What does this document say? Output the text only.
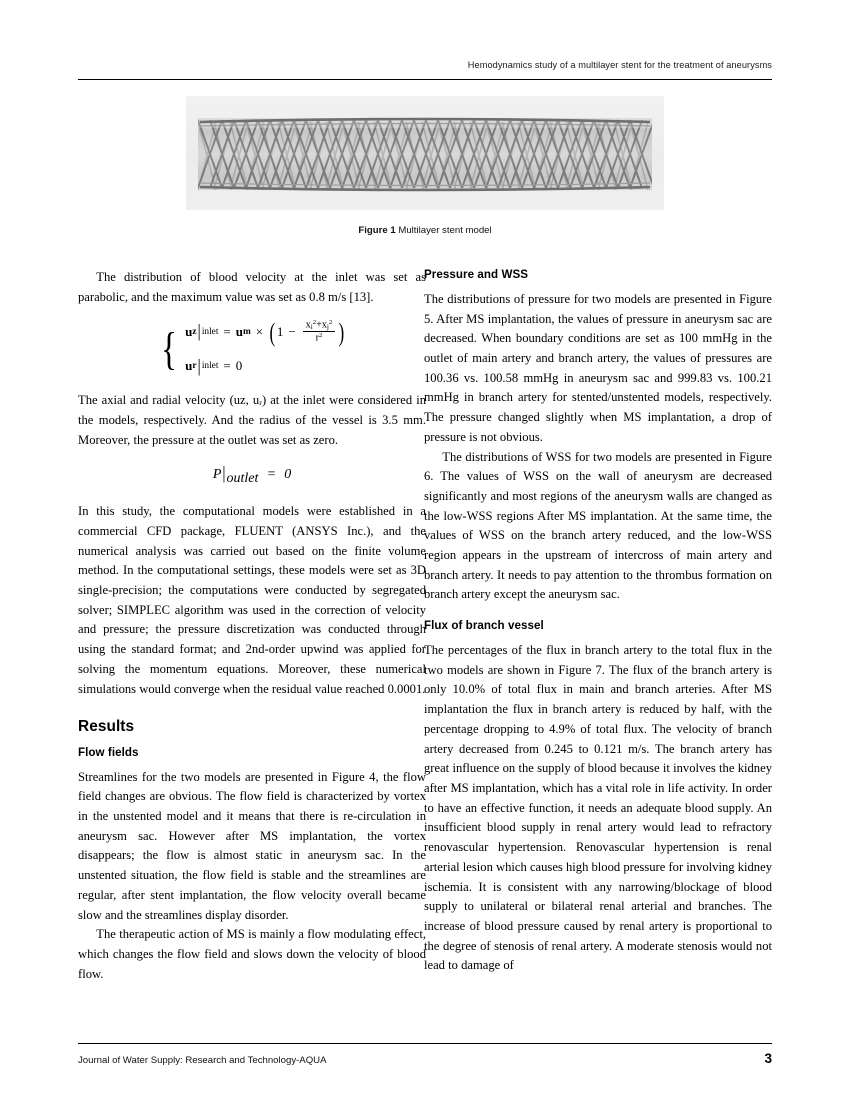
Hemodynamics study of a multilayer stent for the treatment of aneurysms
Figure 1 Multilayer stent model

The distribution of blood velocity at the inlet was set as parabolic, and the maximum value was set as 0.8 m/s [13].

{ u z | inlet = u m × ( $1 - \frac{xi2+xj2}{r2}$ )
u r | inlet = 0

The axial and radial velocity (uᴢ, uᵣ) at the inlet were considered in the models, respectively. And the radius of the vessel is 3.5 mm. Moreover, the pressure at the outlet was set as zero.

P|outlet = 0

In this study, the computational models were established in a commercial CFD package, FLUENT (ANSYS Inc.), and the numerical analysis was carried out based on the finite volume method. In the computational settings, these models were set as 3D single-precision; the computations were conducted by segregated solver; SIMPLEC algorithm was used in the correction of velocity and pressure; the pressure discretization was conducted through using the standard format; and 2nd-order upwind was applied for solving the momentum equations. Moreover, these numerical simulations would converge when the residual value reached 0.0001.

Results
Flow fields

Streamlines for the two models are presented in Figure 4, the flow field changes are obvious. The flow field is characterized by vortex in the unstented model and it means that there is re-circulation in aneurysm sac. However after MS implantation, the vortex disappears; the flow is almost static in aneurysm sac. In the unstented situation, the flow field is stable and the streamlines are regular, after stent implantation, the flow velocity overall became slow and the streamlines display disorder.

The therapeutic action of MS is mainly a flow modulating effect, which changes the flow field and slows down the velocity of blood flow.

Pressure and WSS

The distributions of pressure for two models are presented in Figure 5. After MS implantation, the values of pressure in aneurysm sac are decreased. When boundary conditions are set as 100 mmHg in the outlet of main artery and branch artery, the values of pressures are 100.36 vs. 100.58 mmHg in aneurysm sac and 999.83 vs. 100.21 mmHg in branch artery for stented/unstented models, respectively. The pressure changed slightly when MS implantation, a drop of pressure is not obvious.

The distributions of WSS for two models are presented in Figure 6. The values of WSS on the wall of aneurysm are decreased significantly and most regions of the aneurysm walls are changed as the low-WSS regions After MS implantation. At the same time, the values of WSS on the branch artery reduced, and the low-WSS region appears in the upstream of intercross of main artery and branch artery. It needs to pay attention to the thrombus formation on branch artery except the aneurysm sac.

Flux of branch vessel

The percentages of the flux in branch artery to the total flux in the two models are shown in Figure 7. The flux of the branch artery is only 10.0% of total flux in main and branch arteries. After MS implantation the flux in branch artery is reduced by half, with the percentage dropping to 4.9% of total flux. The velocity of branch artery decreased from 0.245 to 0.121 m/s. The branch artery has great influence on the supply of blood because it involves the kidney after MS implantation, which has a vital role in life activity. In order to have an effective function, it needs an adequate blood supply. An insufficient blood supply in renal artery would lead to refractory renovascular hypertension. Renovascular hypertension is renal arterial lesion which causes high blood pressure for involving kidney ischemia. It is consistent with any narrowing/blockage of blood supply to unilateral or bilateral renal arterial and branches. The increase of blood pressure caused by renal artery is proportional to the degree of stenosis of renal artery. A moderate stenosis would not lead to damage of

Journal of Water Supply: Research and Technology-AQUA	3
